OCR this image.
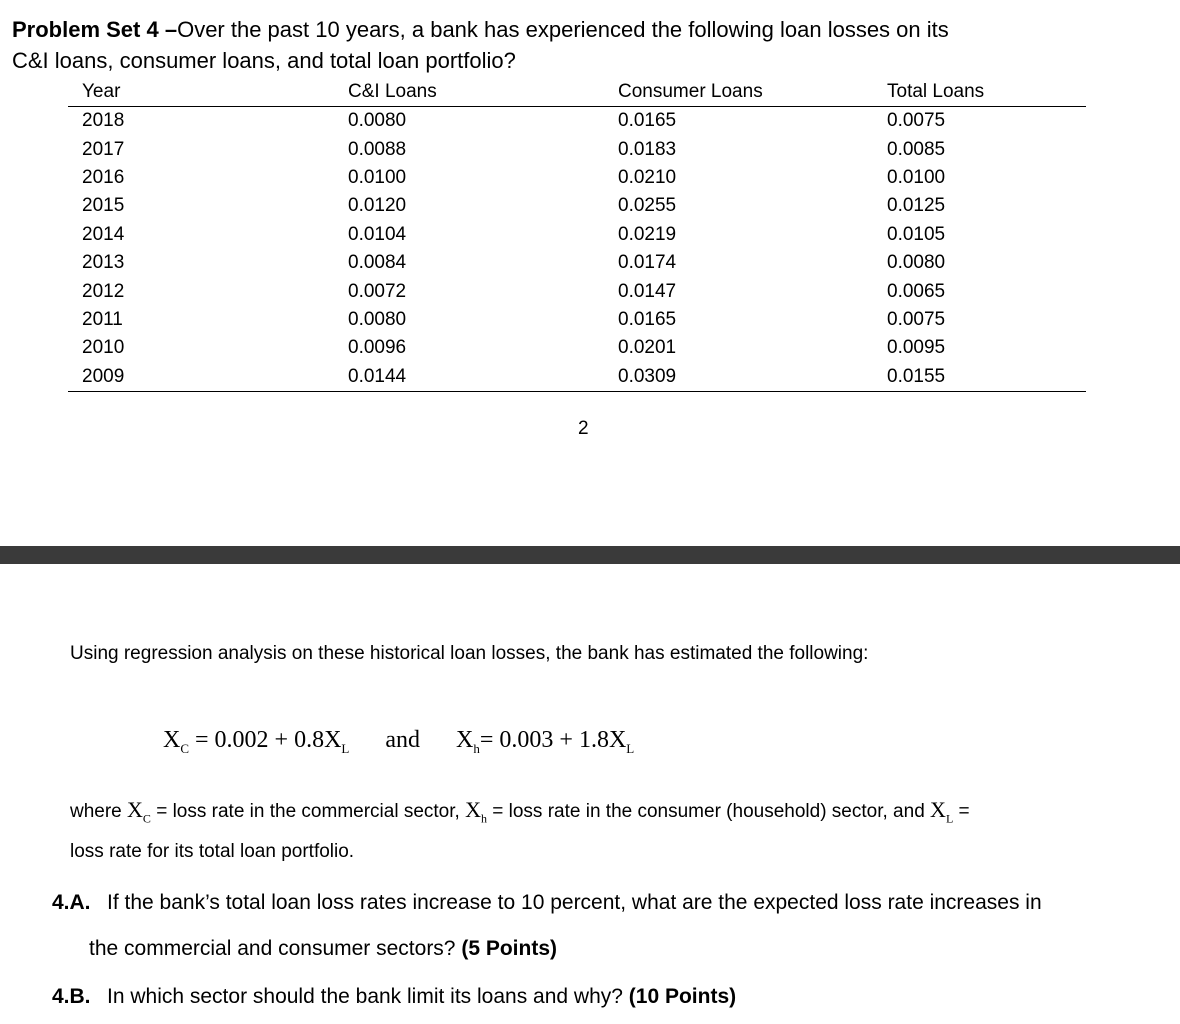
Problem Set 4 –Over the past 10 years, a bank has experienced the following loan losses on its
C&I loans, consumer loans, and total loan portfolio?
Year	C&I Loans	Consumer Loans	Total Loans
2018	0.0080	0.0165	0.0075
2017	0.0088	0.0183	0.0085
2016	0.0100	0.0210	0.0100
2015	0.0120	0.0255	0.0125
2014	0.0104	0.0219	0.0105
2013	0.0084	0.0174	0.0080
2012	0.0072	0.0147	0.0065
2011	0.0080	0.0165	0.0075
2010	0.0096	0.0201	0.0095
2009	0.0144	0.0309	0.0155
2
Using regression analysis on these historical loan losses, the bank has estimated the following:
$X_C = 0.002 + 0.8X_L$ and $X_h= 0.003 + 1.8X_L$
where $X_C$ = loss rate in the commercial sector, $X_h$ = loss rate in the consumer (household) sector, and $X_L$ =
loss rate for its total loan portfolio.
4.A. If the bank’s total loan loss rates increase to 10 percent, what are the expected loss rate increases in
the commercial and consumer sectors? (5 Points)
4.B. In which sector should the bank limit its loans and why? (10 Points)
